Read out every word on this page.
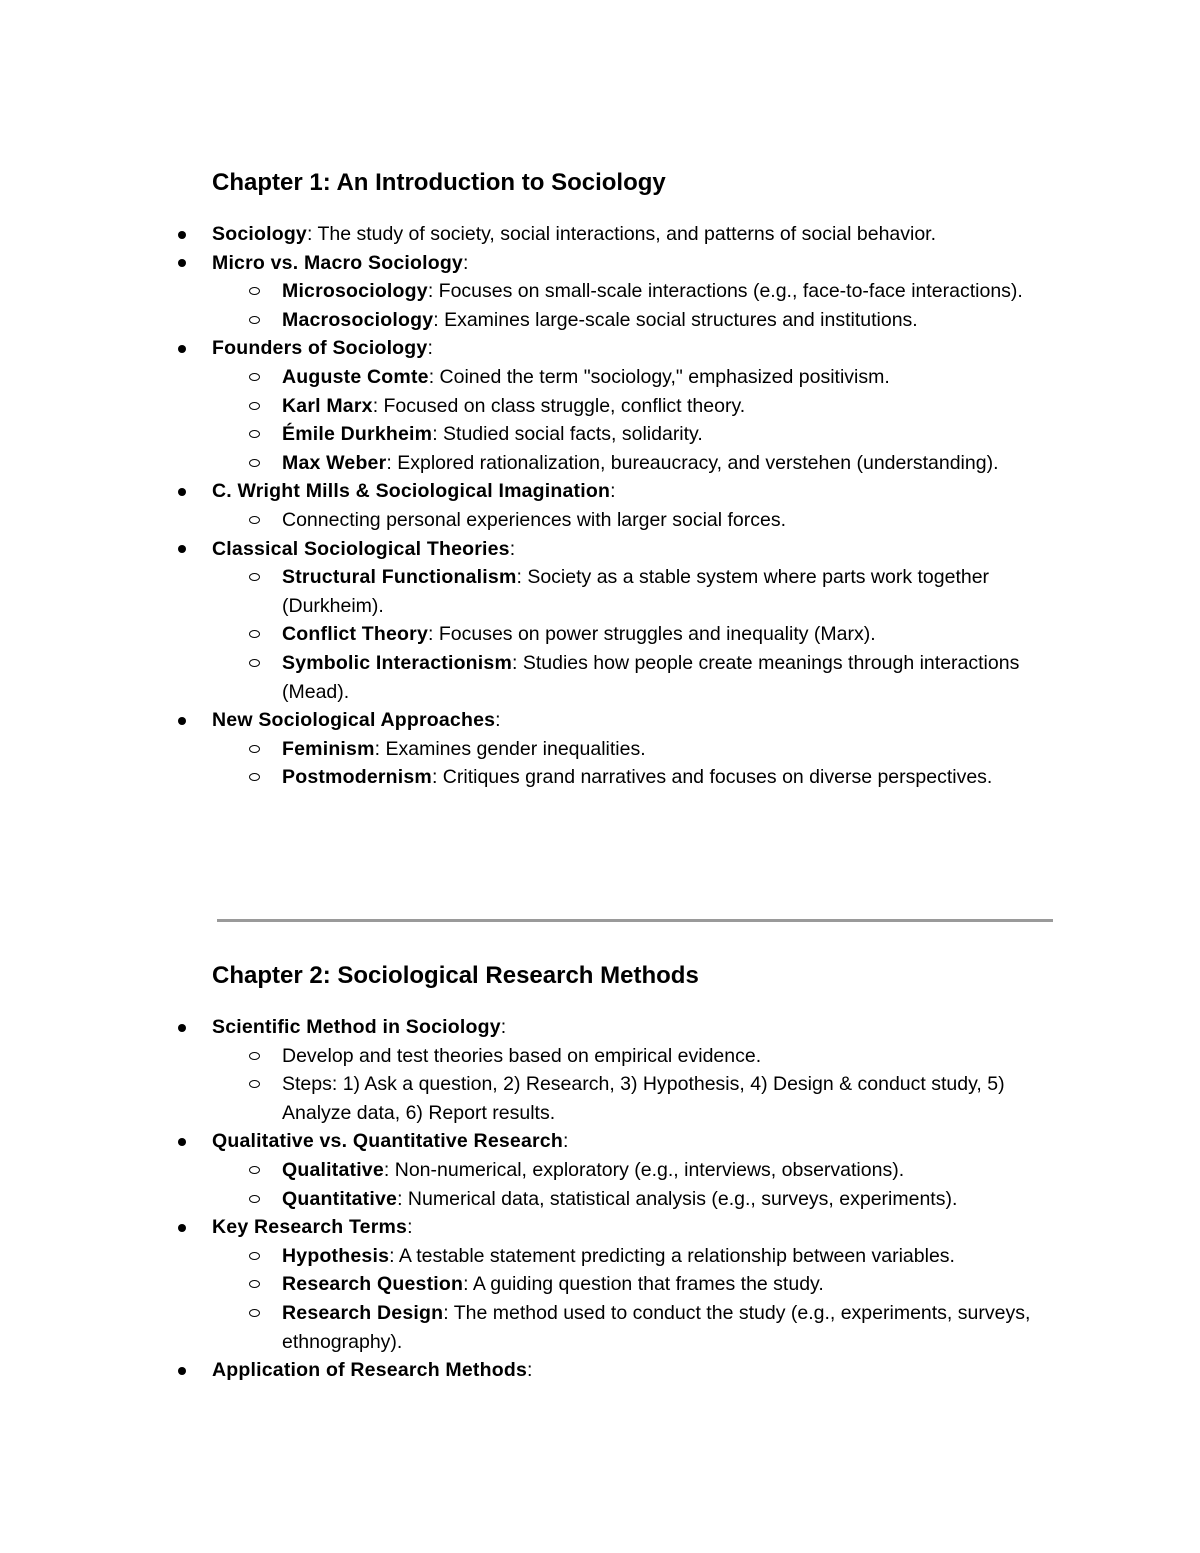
Chapter 1: An Introduction to Sociology
Sociology: The study of society, social interactions, and patterns of social behavior.
Micro vs. Macro Sociology:
Microsociology: Focuses on small-scale interactions (e.g., face-to-face interactions).
Macrosociology: Examines large-scale social structures and institutions.
Founders of Sociology:
Auguste Comte: Coined the term "sociology," emphasized positivism.
Karl Marx: Focused on class struggle, conflict theory.
Émile Durkheim: Studied social facts, solidarity.
Max Weber: Explored rationalization, bureaucracy, and verstehen (understanding).
C. Wright Mills & Sociological Imagination:
Connecting personal experiences with larger social forces.
Classical Sociological Theories:
Structural Functionalism: Society as a stable system where parts work together (Durkheim).
Conflict Theory: Focuses on power struggles and inequality (Marx).
Symbolic Interactionism: Studies how people create meanings through interactions (Mead).
New Sociological Approaches:
Feminism: Examines gender inequalities.
Postmodernism: Critiques grand narratives and focuses on diverse perspectives.
Chapter 2: Sociological Research Methods
Scientific Method in Sociology:
Develop and test theories based on empirical evidence.
Steps: 1) Ask a question, 2) Research, 3) Hypothesis, 4) Design & conduct study, 5) Analyze data, 6) Report results.
Qualitative vs. Quantitative Research:
Qualitative: Non-numerical, exploratory (e.g., interviews, observations).
Quantitative: Numerical data, statistical analysis (e.g., surveys, experiments).
Key Research Terms:
Hypothesis: A testable statement predicting a relationship between variables.
Research Question: A guiding question that frames the study.
Research Design: The method used to conduct the study (e.g., experiments, surveys, ethnography).
Application of Research Methods:
